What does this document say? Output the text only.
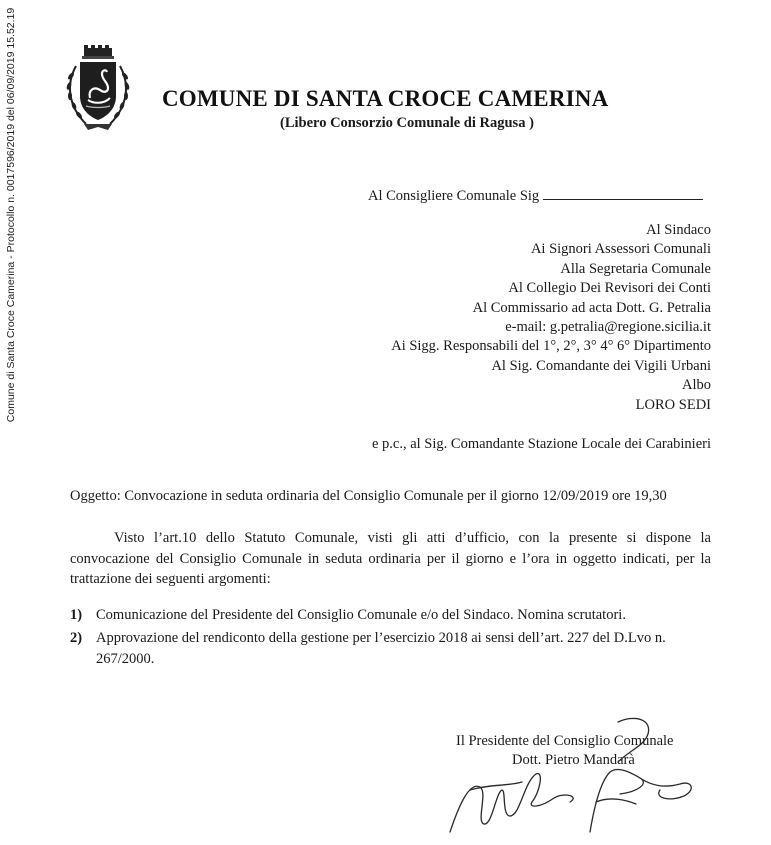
Comune di Santa Croce Camerina - Protocollo n. 0017596/2019 del 06/09/2019 15.52.19	COMUNE DI SANTA CROCE CAMERINA
(Libero Consorzio Comunale di Ragusa )
Al Consigliere Comunale Sig
Al Sindaco
Ai Signori Assessori Comunali
Alla Segretaria Comunale
Al Collegio Dei Revisori dei Conti
Al Commissario ad acta Dott. G. Petralia
e-mail: g.petralia@regione.sicilia.it
Ai Sigg. Responsabili del 1°, 2°, 3° 4° 6° Dipartimento
Al Sig. Comandante dei Vigili Urbani
Albo
LORO SEDI
e p.c., al Sig. Comandante Stazione Locale dei Carabinieri
Oggetto: Convocazione in seduta ordinaria del Consiglio Comunale per il giorno 12/09/2019 ore 19,30
Visto l’art.10 dello Statuto Comunale, visti gli atti d’ufficio, con la presente si dispone la convocazione del Consiglio Comunale in seduta ordinaria per il giorno e l’ora in oggetto indicati, per la trattazione dei seguenti argomenti:
1) Comunicazione del Presidente del Consiglio Comunale e/o del Sindaco. Nomina scrutatori.
2) Approvazione del rendiconto della gestione per l’esercizio 2018 ai sensi dell’art. 227 del D.Lvo n. 267/2000.
Il Presidente del Consiglio Comunale
Dott. Pietro Mandarà
